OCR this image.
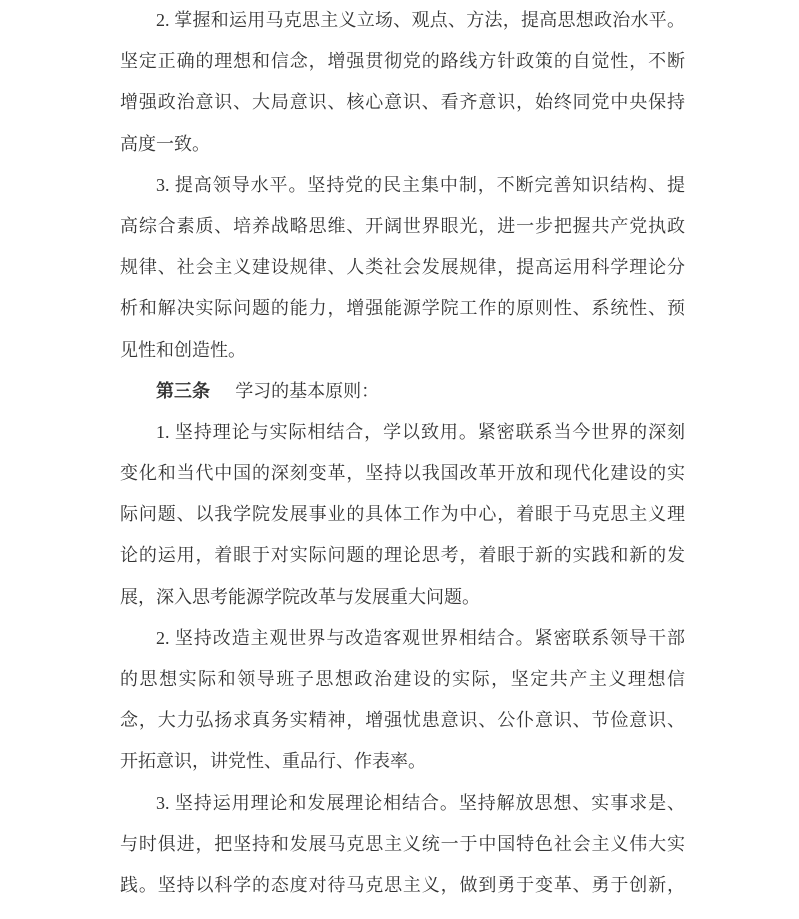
2. 掌握和运用马克思主义立场、观点、方法，提高思想政治水平。
坚定正确的理想和信念，增强贯彻党的路线方针政策的自觉性，不断
增强政治意识、大局意识、核心意识、看齐意识，始终同党中央保持
高度一致。
3. 提高领导水平。坚持党的民主集中制，不断完善知识结构、提
高综合素质、培养战略思维、开阔世界眼光，进一步把握共产党执政
规律、社会主义建设规律、人类社会发展规律，提高运用科学理论分
析和解决实际问题的能力，增强能源学院工作的原则性、系统性、预
见性和创造性。
第三条 学习的基本原则：
1. 坚持理论与实际相结合，学以致用。紧密联系当今世界的深刻
变化和当代中国的深刻变革，坚持以我国改革开放和现代化建设的实
际问题、以我学院发展事业的具体工作为中心，着眼于马克思主义理
论的运用，着眼于对实际问题的理论思考，着眼于新的实践和新的发
展，深入思考能源学院改革与发展重大问题。
2. 坚持改造主观世界与改造客观世界相结合。紧密联系领导干部
的思想实际和领导班子思想政治建设的实际，坚定共产主义理想信
念，大力弘扬求真务实精神，增强忧患意识、公仆意识、节俭意识、
开拓意识，讲党性、重品行、作表率。
3. 坚持运用理论和发展理论相结合。坚持解放思想、实事求是、
与时俱进，把坚持和发展马克思主义统一于中国特色社会主义伟大实
践。坚持以科学的态度对待马克思主义，做到勇于变革、勇于创新，
